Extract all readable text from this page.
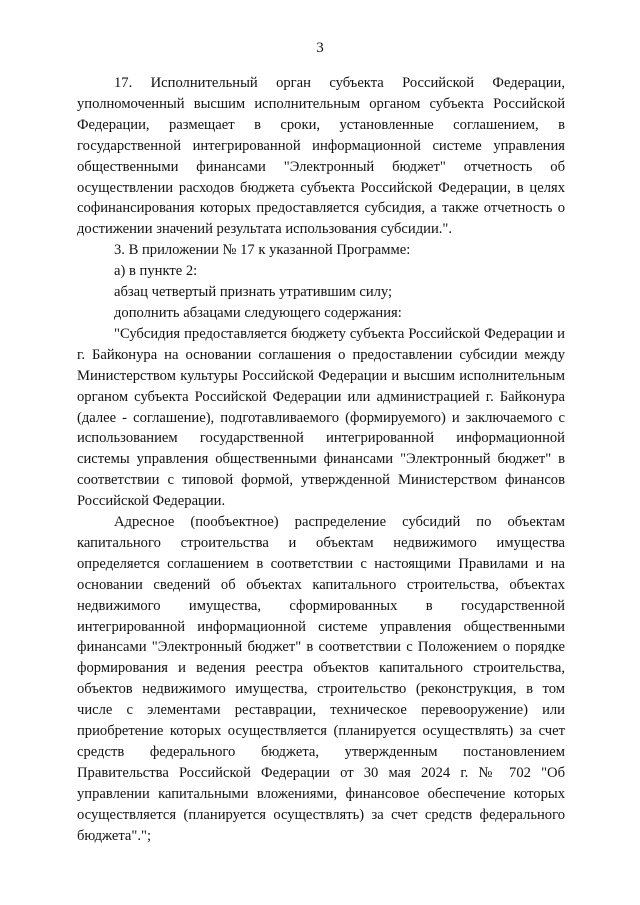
3

17. Исполнительный орган субъекта Российской Федерации, уполномоченный высшим исполнительным органом субъекта Российской Федерации, размещает в сроки, установленные соглашением, в государственной интегрированной информационной системе управления общественными финансами "Электронный бюджет" отчетность об осуществлении расходов бюджета субъекта Российской Федерации, в целях софинансирования которых предоставляется субсидия, а также отчетность о достижении значений результата использования субсидии.".

3. В приложении № 17 к указанной Программе:

а) в пункте 2:

абзац четвертый признать утратившим силу;

дополнить абзацами следующего содержания:

"Субсидия предоставляется бюджету субъекта Российской Федерации и г. Байконура на основании соглашения о предоставлении субсидии между Министерством культуры Российской Федерации и высшим исполнительным органом субъекта Российской Федерации или администрацией г. Байконура (далее - соглашение), подготавливаемого (формируемого) и заключаемого с использованием государственной интегрированной информационной системы управления общественными финансами "Электронный бюджет" в соответствии с типовой формой, утвержденной Министерством финансов Российской Федерации.

Адресное (пообъектное) распределение субсидий по объектам капитального строительства и объектам недвижимого имущества определяется соглашением в соответствии с настоящими Правилами и на основании сведений об объектах капитального строительства, объектах недвижимого имущества, сформированных в государственной интегрированной информационной системе управления общественными финансами "Электронный бюджет" в соответствии с Положением о порядке формирования и ведения реестра объектов капитального строительства, объектов недвижимого имущества, строительство (реконструкция, в том числе с элементами реставрации, техническое перевооружение) или приобретение которых осуществляется (планируется осуществлять) за счет средств федерального бюджета, утвержденным постановлением Правительства Российской Федерации от 30 мая 2024 г. № 702 "Об управлении капитальными вложениями, финансовое обеспечение которых осуществляется (планируется осуществлять) за счет средств федерального бюджета".";
